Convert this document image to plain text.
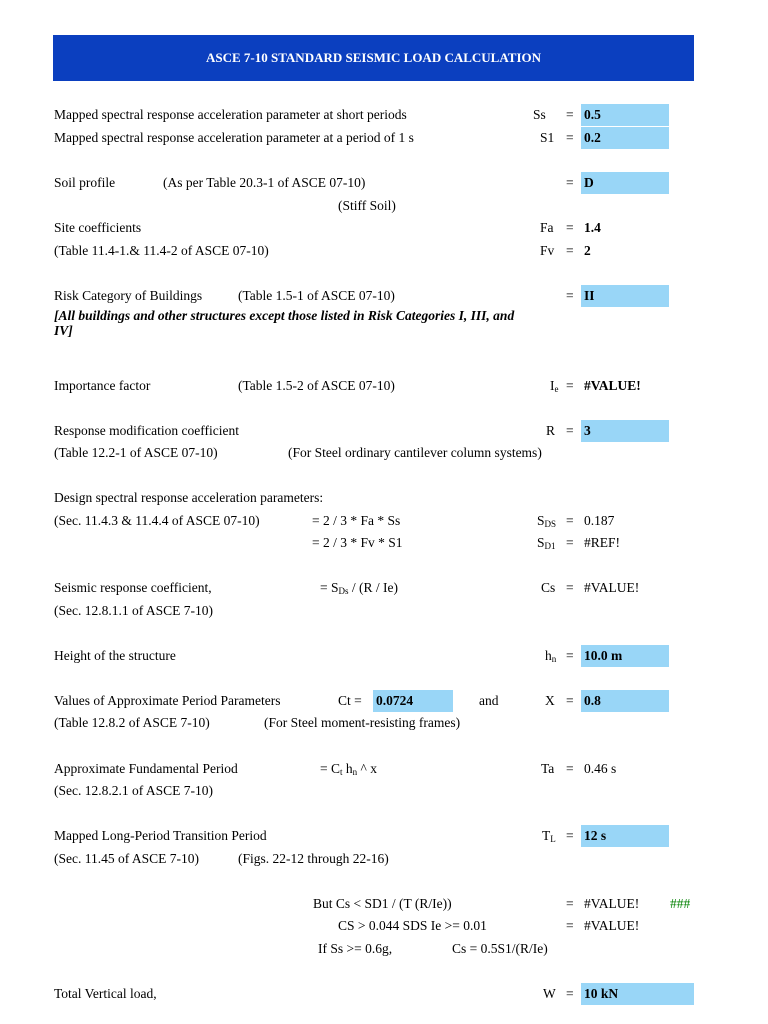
ASCE 7-10 STANDARD SEISMIC LOAD CALCULATION
Mapped spectral response acceleration parameter at short periods	Ss = 0.5
Mapped spectral response acceleration parameter at a period of 1 s	S1 = 0.2
Soil profile	(As per Table 20.3-1 of ASCE 07-10)	= D
(Stiff Soil)
Site coefficients	Fa = 1.4
(Table 11.4-1.& 11.4-2 of ASCE 07-10)	Fv = 2
Risk Category of Buildings	(Table 1.5-1 of ASCE 07-10)	= II
[All buildings and other structures except those listed in Risk Categories I, III, and
IV]
Importance factor	(Table 1.5-2 of ASCE 07-10)	$I_e$ = #VALUE!
Response modification coefficient	R = 3
(Table 12.2-1 of ASCE 07-10)	(For Steel ordinary cantilever column systems)
Design spectral response acceleration parameters:
(Sec. 11.4.3 & 11.4.4 of ASCE 07-10)	= 2 / 3 * Fa * Ss	$S_{DS} = 0.187$
= 2 / 3 * Fv * S1	$S_{D1}$ = #REF!
Seismic response coefficient,	= $S_{Ds} / (R / Ie)$	Cs = #VALUE!
(Sec. 12.8.1.1 of ASCE 7-10)
Height of the structure	$h_n = 10.0$ m
Values of Approximate Period Parameters	Ct = 0.0724	and	X = 0.8
(Table 12.8.2 of ASCE 7-10)	(For Steel moment-resisting frames)
Approximate Fundamental Period	= $C_t$ $h_n$ ^ x	Ta = 0.46 s
(Sec. 12.8.2.1 of ASCE 7-10)
Mapped Long-Period Transition Period	$T_L = 12$ s
(Sec. 11.45 of ASCE 7-10)	(Figs. 22-12 through 22-16)
But Cs < SD1 / (T (R/Ie))	= #VALUE! ###
CS > 0.044 SDS Ie >= 0.01	= #VALUE!
If Ss >= 0.6g,	Cs = 0.5S1/(R/Ie)
Total Vertical load,	W = 10 kN
